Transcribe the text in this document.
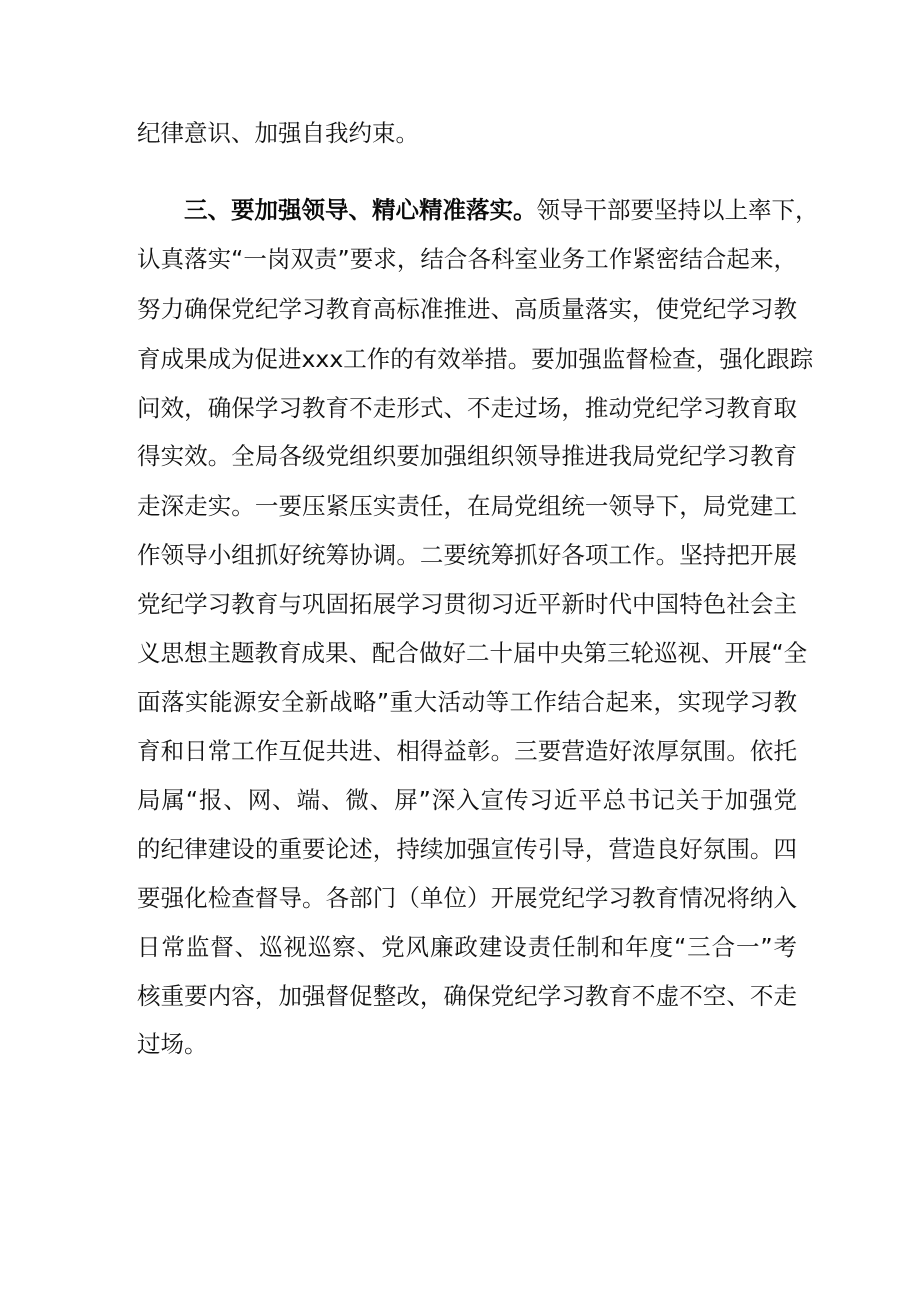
纪律意识、加强自我约束。
三、要加强领导、精心精准落实。领导干部要坚持以上率下，
认真落实“一岗双责”要求，结合各科室业务工作紧密结合起来，
努力确保党纪学习教育高标准推进、高质量落实，使党纪学习教
育成果成为促进xxx工作的有效举措。要加强监督检查，强化跟踪
问效，确保学习教育不走形式、不走过场，推动党纪学习教育取
得实效。全局各级党组织要加强组织领导推进我局党纪学习教育
走深走实。一要压紧压实责任，在局党组统一领导下，局党建工
作领导小组抓好统筹协调。二要统筹抓好各项工作。坚持把开展
党纪学习教育与巩固拓展学习贯彻习近平新时代中国特色社会主
义思想主题教育成果、配合做好二十届中央第三轮巡视、开展“全
面落实能源安全新战略”重大活动等工作结合起来，实现学习教
育和日常工作互促共进、相得益彰。三要营造好浓厚氛围。依托
局属“报、网、端、微、屏”深入宣传习近平总书记关于加强党
的纪律建设的重要论述，持续加强宣传引导，营造良好氛围。四
要强化检查督导。各部门（单位）开展党纪学习教育情况将纳入
日常监督、巡视巡察、党风廉政建设责任制和年度“三合一”考
核重要内容，加强督促整改，确保党纪学习教育不虚不空、不走
过场。
